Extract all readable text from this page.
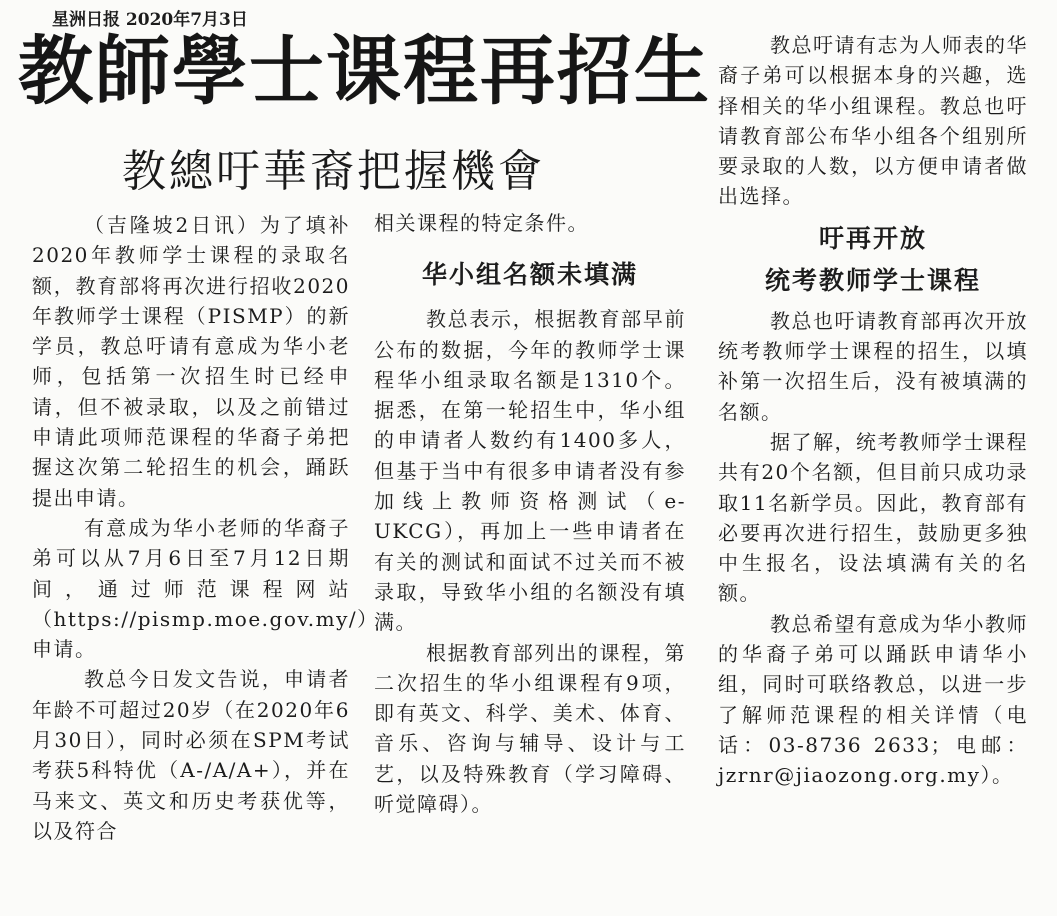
星洲日报 2020年7月3日
教師學士课程再招生
教總吁華裔把握機會

（吉隆坡2日讯）为了填补2020年教师学士课程的录取名额，教育部将再次进行招收2020年教师学士课程（PISMP）的新学员，教总吁请有意成为华小老师，包括第一次招生时已经申请，但不被录取，以及之前错过申请此项师范课程的华裔子弟把握这次第二轮招生的机会，踊跃提出申请。

有意成为华小老师的华裔子弟可以从7月6日至7月12日期间，通过师范课程网站（https://pismp.moe.gov.my/）申请。

教总今日发文告说，申请者年龄不可超过20岁（在2020年6月30日），同时必须在SPM考试考获5科特优（A-/A/A+），并在马来文、英文和历史考获优等，以及符合

相关课程的特定条件。

华小组名额未填满

教总表示，根据教育部早前公布的数据，今年的教师学士课程华小组录取名额是1310个。据悉，在第一轮招生中，华小组的申请者人数约有1400多人，但基于当中有很多申请者没有参加线上教师资格测试（e-UKCG），再加上一些申请者在有关的测试和面试不过关而不被录取，导致华小组的名额没有填满。

根据教育部列出的课程，第二次招生的华小组课程有9项，即有英文、科学、美术、体育、音乐、咨询与辅导、设计与工艺，以及特殊教育（学习障碍、听觉障碍）。

教总吁请有志为人师表的华裔子弟可以根据本身的兴趣，选择相关的华小组课程。教总也吁请教育部公布华小组各个组别所要录取的人数，以方便申请者做出选择。

吁再开放
统考教师学士课程

教总也吁请教育部再次开放统考教师学士课程的招生，以填补第一次招生后，没有被填满的名额。

据了解，统考教师学士课程共有20个名额，但目前只成功录取11名新学员。因此，教育部有必要再次进行招生，鼓励更多独中生报名，设法填满有关的名额。

教总希望有意成为华小教师的华裔子弟可以踊跃申请华小组，同时可联络教总，以进一步了解师范课程的相关详情（电话：03-8736 2633；电邮：jzrnr@jiaozong.org.my）。
